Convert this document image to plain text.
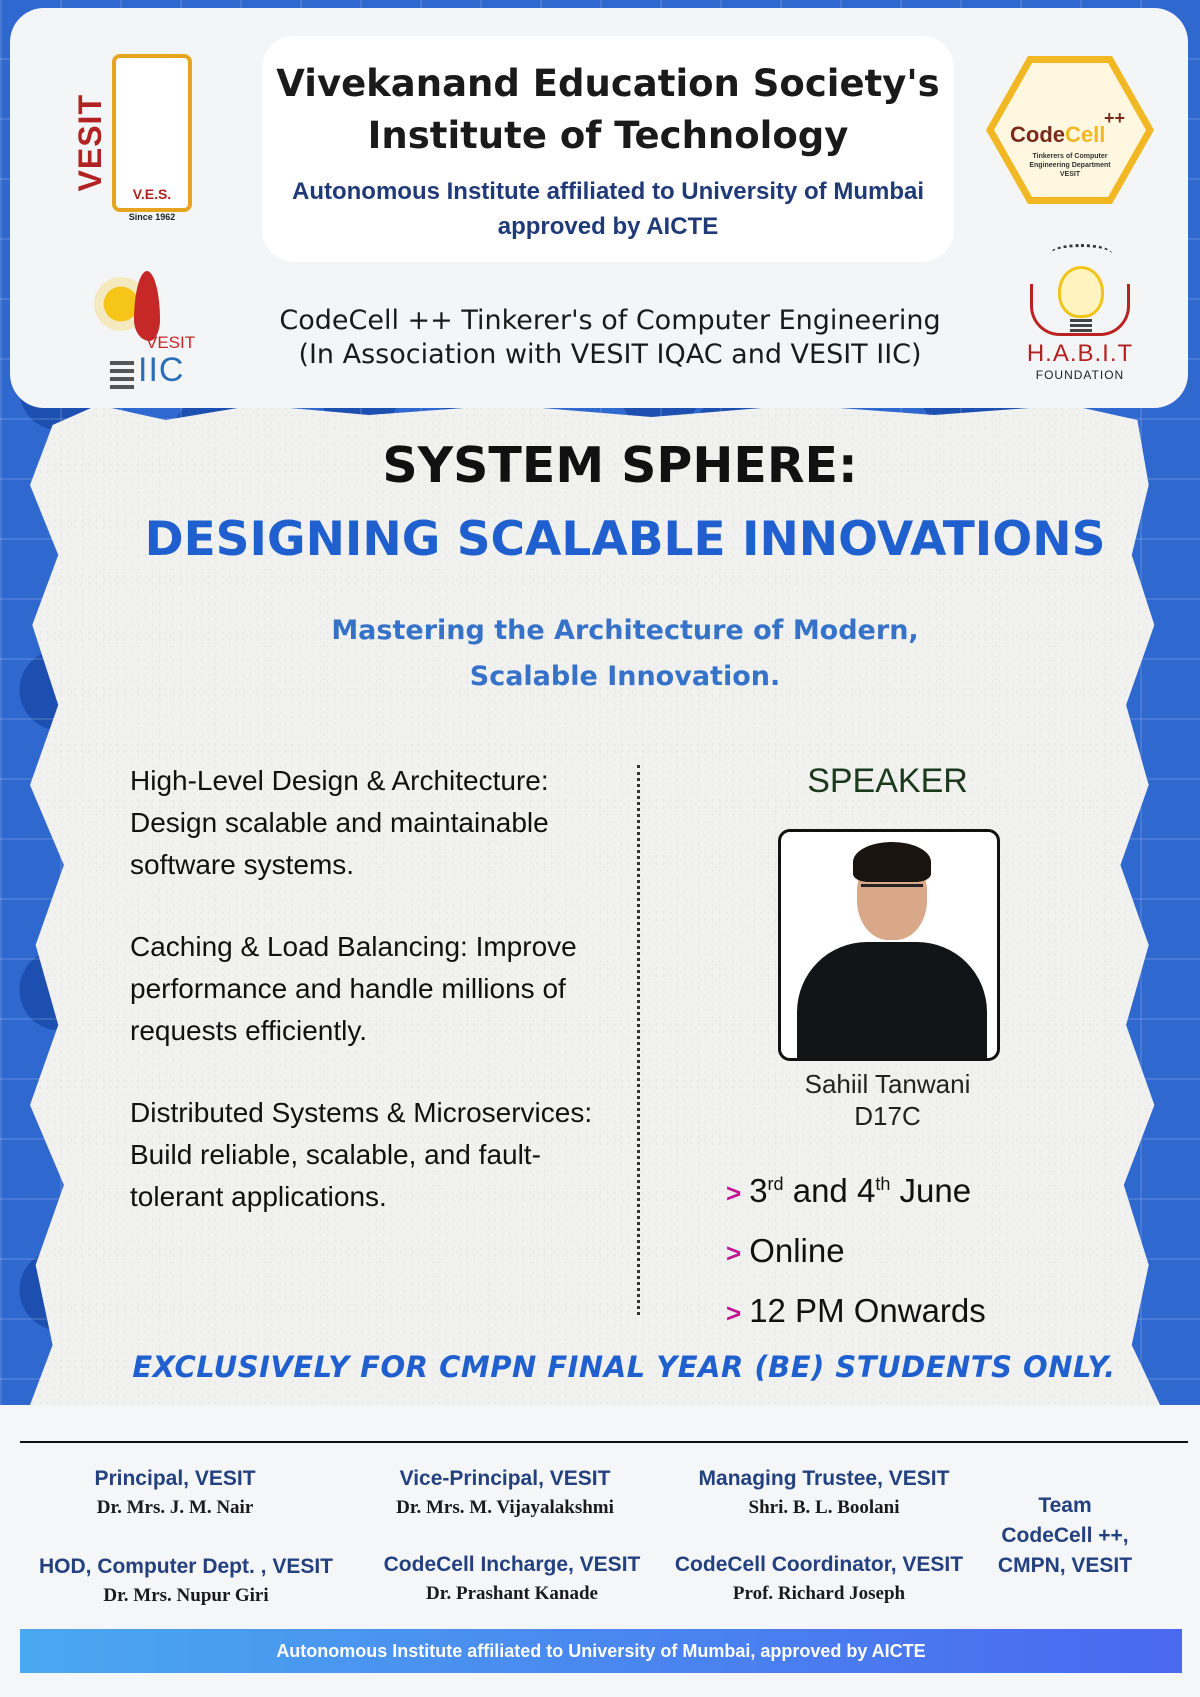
VESIT
V.E.S.
Since 1962
Vivekanand Education Society's
Institute of Technology
Autonomous Institute affiliated to University of Mumbai
approved by AICTE
CodeCell
++
Tinkerers of Computer Engineering Department VESIT
VESIT
IIC
CodeCell ++ Tinkerer's of Computer Engineering
(In Association with VESIT IQAC and VESIT IIC)	H.A.B.I.T
FOUNDATION
SYSTEM SPHERE:
DESIGNING SCALABLE INNOVATIONS
Mastering the Architecture of Modern,
Scalable Innovation.
High-Level Design & Architecture: Design scalable and maintainable software systems.
Caching & Load Balancing: Improve performance and handle millions of requests efficiently.
Distributed Systems & Microservices: Build reliable, scalable, and fault-tolerant applications.
SPEAKER
Sahiil Tanwani
D17C
> 3rd and 4th June
> Online
> 12 PM Onwards
EXCLUSIVELY FOR CMPN FINAL YEAR (BE) STUDENTS ONLY.
Principal, VESIT
Dr. Mrs. J. M. Nair
Vice-Principal, VESIT
Dr. Mrs. M. Vijayalakshmi
Managing Trustee, VESIT
Shri. B. L. Boolani
HOD, Computer Dept. , VESIT
Dr. Mrs. Nupur Giri
CodeCell Incharge, VESIT
Dr. Prashant Kanade
CodeCell Coordinator, VESIT
Prof. Richard Joseph
Team
CodeCell ++,
CMPN, VESIT
Autonomous Institute affiliated to University of Mumbai, approved by AICTE
